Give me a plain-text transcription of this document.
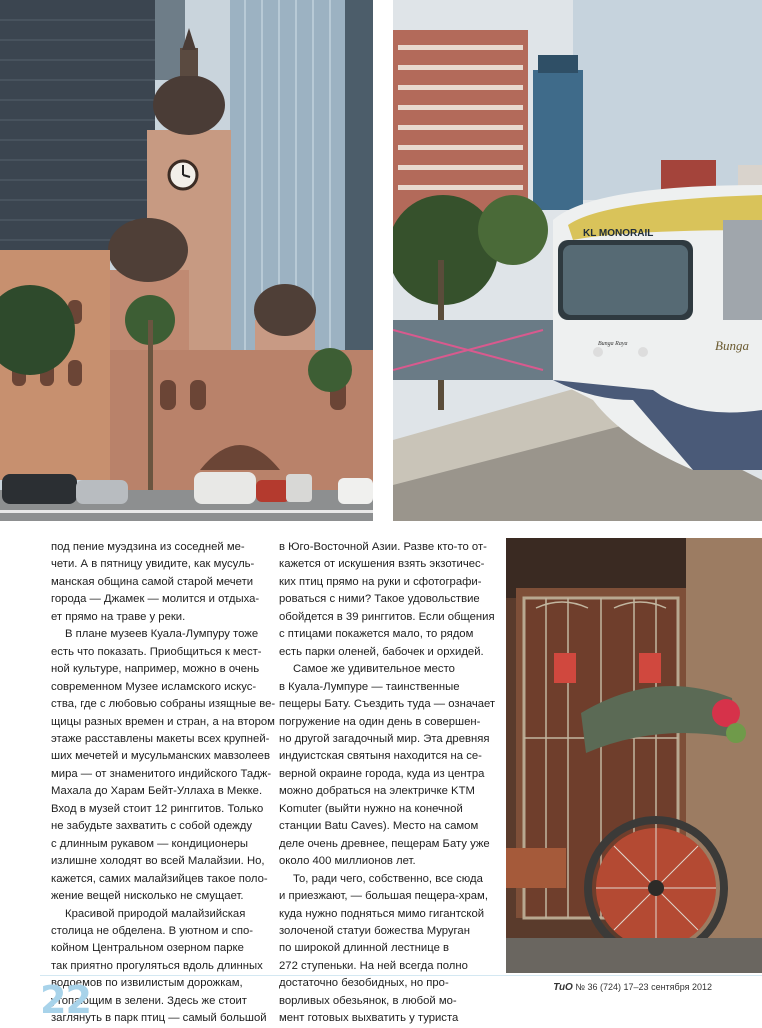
KL MONORAIL
Bunga Raya	Bunga

под пение муэдзина из соседней ме-
чети. А в пятницу увидите, как мусуль-
манская община самой старой мечети
города — Джамек — молится и отдыха-
ет прямо на траве у реки.

В плане музеев Куала-Лумпуру тоже
есть что показать. Приобщиться к мест-
ной культуре, например, можно в очень
современном Музее исламского искус-
ства, где с любовью собраны изящные ве-
щицы разных времен и стран, а на втором
этаже расставлены макеты всех крупней-
ших мечетей и мусульманских мавзолеев
мира — от знаменитого индийского Тадж-
Махала до Харам Бейт-Уллаха в Мекке.
Вход в музей стоит 12 ринггитов. Только
не забудьте захватить с собой одежду
с длинным рукавом — кондиционеры
излишне холодят во всей Малайзии. Но,
кажется, самих малайзийцев такое поло-
жение вещей нисколько не смущает.

Красивой природой малайзийская
столица не обделена. В уютном и спо-
койном Центральном озерном парке
так приятно прогуляться вдоль длинных
водоемов по извилистым дорожкам,
утопающим в зелени. Здесь же стоит
заглянуть в парк птиц — самый большой

в Юго-Восточной Азии. Разве кто-то от-
кажется от искушения взять экзотичес-
ких птиц прямо на руки и сфотографи-
роваться с ними? Такое удовольствие
обойдется в 39 ринггитов. Если общения
с птицами покажется мало, то рядом
есть парки оленей, бабочек и орхидей.

Самое же удивительное место
в Куала-Лумпуре — таинственные
пещеры Бату. Съездить туда — означает
погружение на один день в совершен-
но другой загадочный мир. Эта древняя
индуистская святыня находится на се-
верной окраине города, куда из центра
можно добраться на электричке KTM
Komuter (выйти нужно на конечной
станции Batu Caves). Место на самом
деле очень древнее, пещерам Бату уже
около 400 миллионов лет.

То, ради чего, собственно, все сюда
и приезжают, — большая пещера-храм,
куда нужно подняться мимо гигантской
золоченой статуи божества Муруган
по широкой длинной лестнице в
272 ступеньки. На ней всегда полно
достаточно безобидных, но про-
ворливых обезьянок, в любой мо-
мент готовых выхватить у туриста

22	ТиО № 36 (724) 17–23 сентября 2012
